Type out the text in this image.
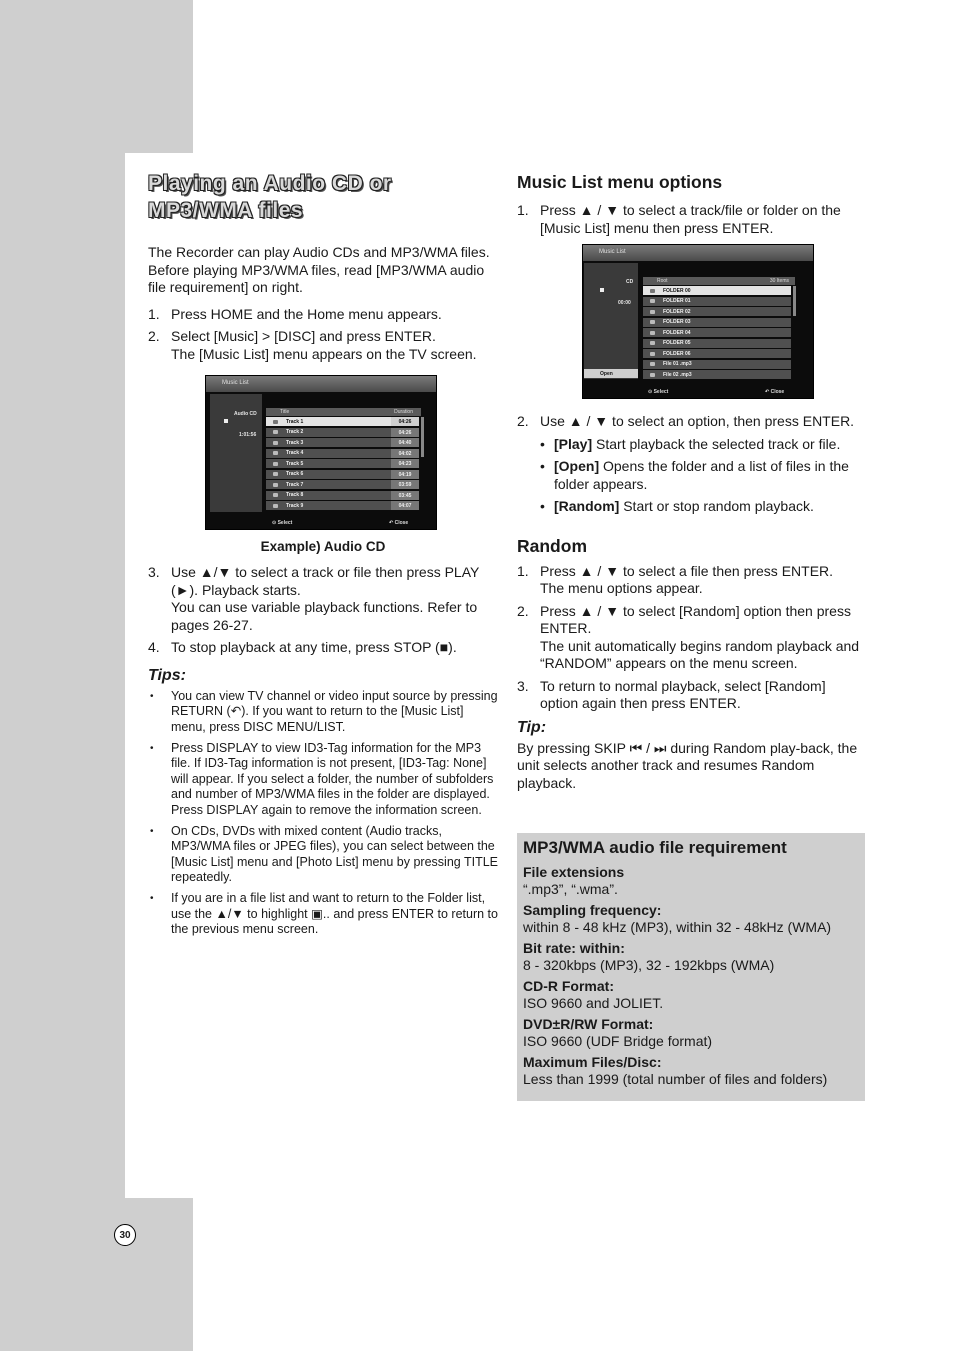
30
Playing an Audio CD or
MP3/WMA files

The Recorder can play Audio CDs and MP3/WMA files. Before playing MP3/WMA files, read [MP3/WMA audio file requirement] on right.

1. Press HOME and the Home menu appears.
2. Select [Music] > [DISC] and press ENTER.
The [Music List] menu appears on the TV screen.
Music List
Audio CD
1:01:56
Title	Duration
Track 1	04:26
Track 2	04:26
Track 3	04:40
Track 4	04:02
Track 5	04:23
Track 6	04:19
Track 7	03:59
Track 8	03:45
Track 9	04:07
⊙ Select	↶ Close
Example) Audio CD
3. Use ▲/▼ to select a track or file then press PLAY (►). Playback starts.
You can use variable playback functions. Refer to pages 26-27.
4. To stop playback at any time, press STOP (■).
Tips:
• You can view TV channel or video input source by pressing RETURN (↶). If you want to return to the [Music List] menu, press DISC MENU/LIST.
• Press DISPLAY to view ID3-Tag information for the MP3 file. If ID3-Tag information is not present, [ID3-Tag: None] will appear. If you select a folder, the number of subfolders and number of MP3/WMA files in the folder are displayed. Press DISPLAY again to remove the information screen.
• On CDs, DVDs with mixed content (Audio tracks, MP3/WMA files or JPEG files), you can select between the [Music List] menu and [Photo List] menu by pressing TITLE repeatedly.
• If you are in a file list and want to return to the Folder list, use the ▲/▼ to highlight ▣.. and press ENTER to return to the previous menu screen.
Music List menu options
1. Press ▲ / ▼ to select a track/file or folder on the [Music List] menu then press ENTER.
Music List
CD
00:00
Open
Root	30 Items
FOLDER 00
FOLDER 01
FOLDER 02
FOLDER 03
FOLDER 04
FOLDER 05
FOLDER 06
File 01 .mp3
File 02 .mp3
⊙ Select	↶ Close
2. Use ▲ / ▼ to select an option, then press ENTER.
• [Play] Start playback the selected track or file.
• [Open] Opens the folder and a list of files in the folder appears.
• [Random] Start or stop random playback.
Random
1. Press ▲ / ▼ to select a file then press ENTER.
The menu options appear.
2. Press ▲ / ▼ to select [Random] option then press ENTER.
The unit automatically begins random playback and “RANDOM” appears on the menu screen.
3. To return to normal playback, select [Random] option again then press ENTER.
Tip:

By pressing SKIP ⏮ / ⏭ during Random play-back, the unit selects another track and resumes Random playback.

MP3/WMA audio file requirement
File extensions
“.mp3”, “.wma”.
Sampling frequency:
within 8 - 48 kHz (MP3), within 32 - 48kHz (WMA)
Bit rate: within:
8 - 320kbps (MP3), 32 - 192kbps (WMA)
CD-R Format:
ISO 9660 and JOLIET.
DVD±R/RW Format:
ISO 9660 (UDF Bridge format)
Maximum Files/Disc:
Less than 1999 (total number of files and folders)
